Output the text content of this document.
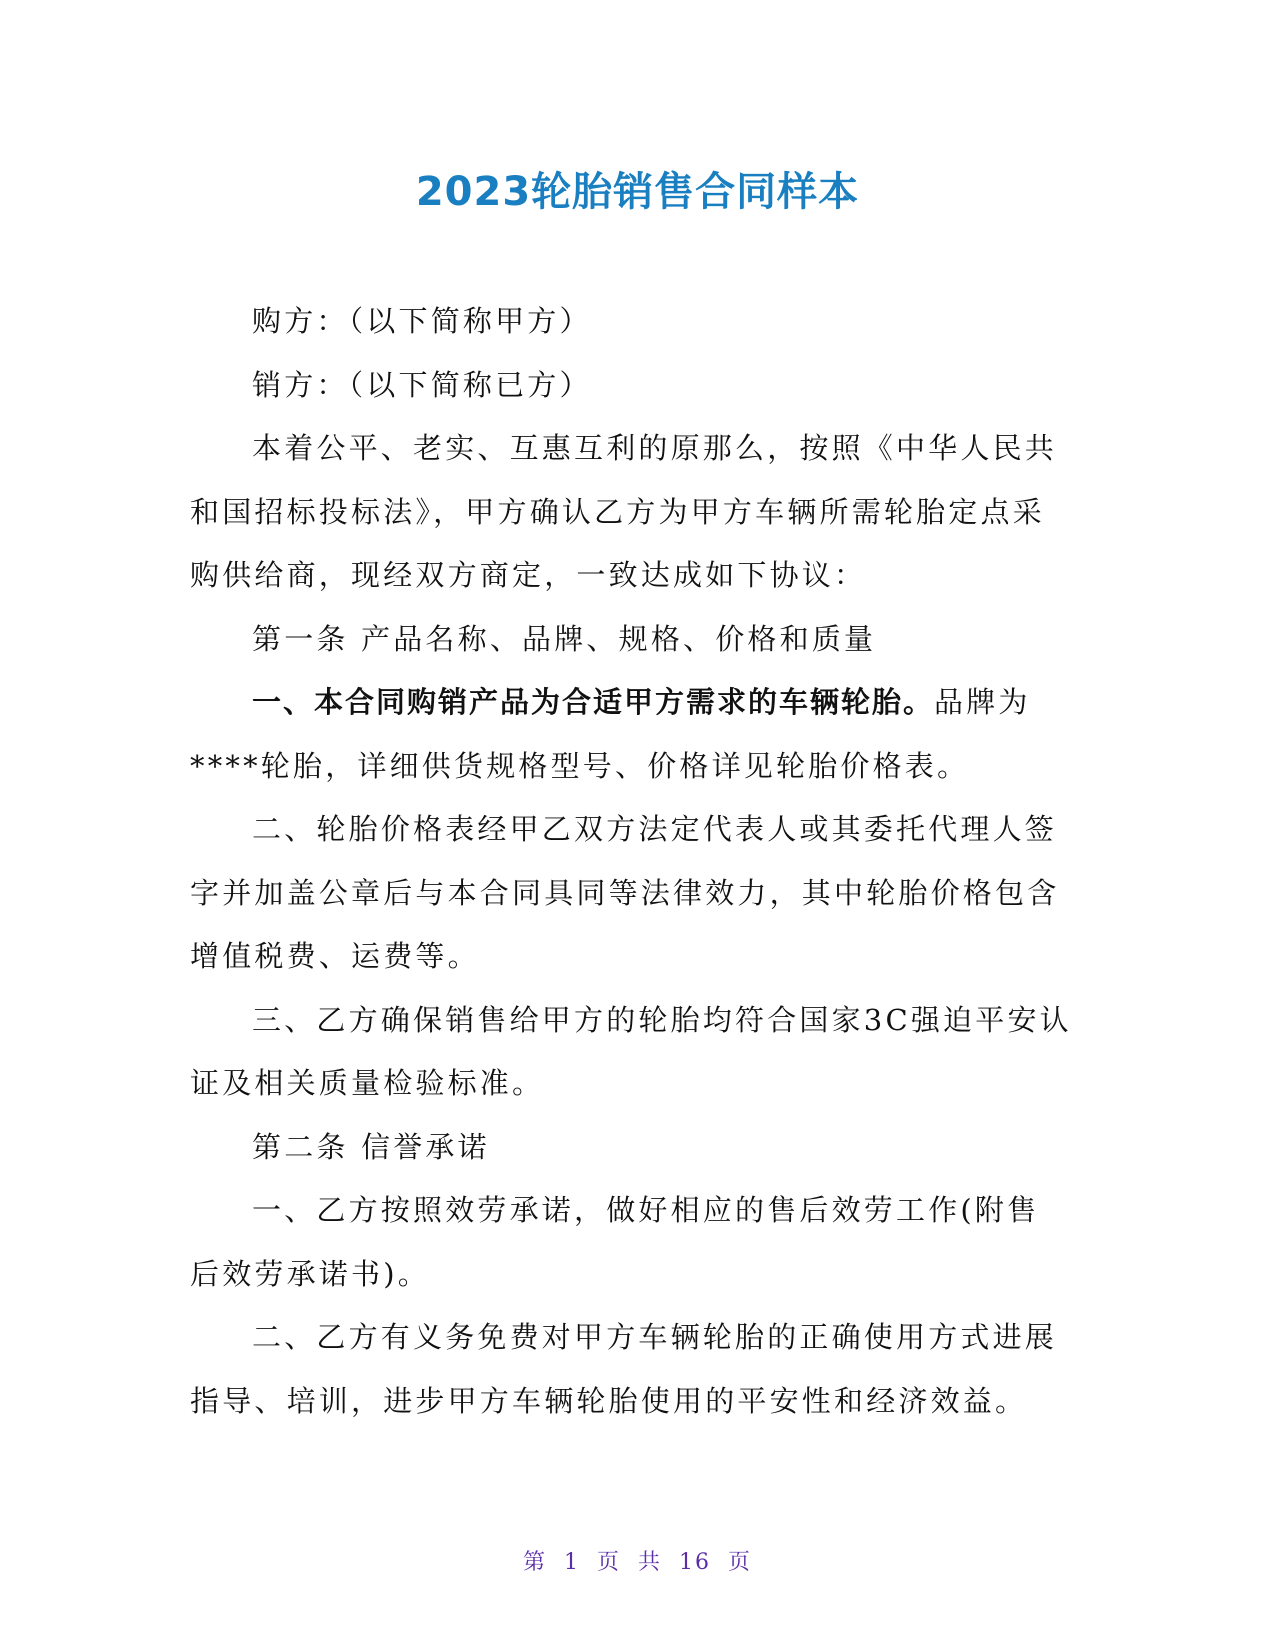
2023轮胎销售合同样本

购方：（以下简称甲方）

销方：（以下简称已方）

本着公平、老实、互惠互利的原那么，按照《中华人民共

和国招标投标法》，甲方确认乙方为甲方车辆所需轮胎定点采

购供给商，现经双方商定，一致达成如下协议：

第一条 产品名称、品牌、规格、价格和质量

一、本合同购销产品为合适甲方需求的车辆轮胎。品牌为

****轮胎，详细供货规格型号、价格详见轮胎价格表。

二、轮胎价格表经甲乙双方法定代表人或其委托代理人签

字并加盖公章后与本合同具同等法律效力，其中轮胎价格包含

增值税费、运费等。

三、乙方确保销售给甲方的轮胎均符合国家3C强迫平安认

证及相关质量检验标准。

第二条 信誉承诺

一、乙方按照效劳承诺，做好相应的售后效劳工作(附售

后效劳承诺书)。

二、乙方有义务免费对甲方车辆轮胎的正确使用方式进展

指导、培训，进步甲方车辆轮胎使用的平安性和经济效益。

第 1 页 共 16 页
